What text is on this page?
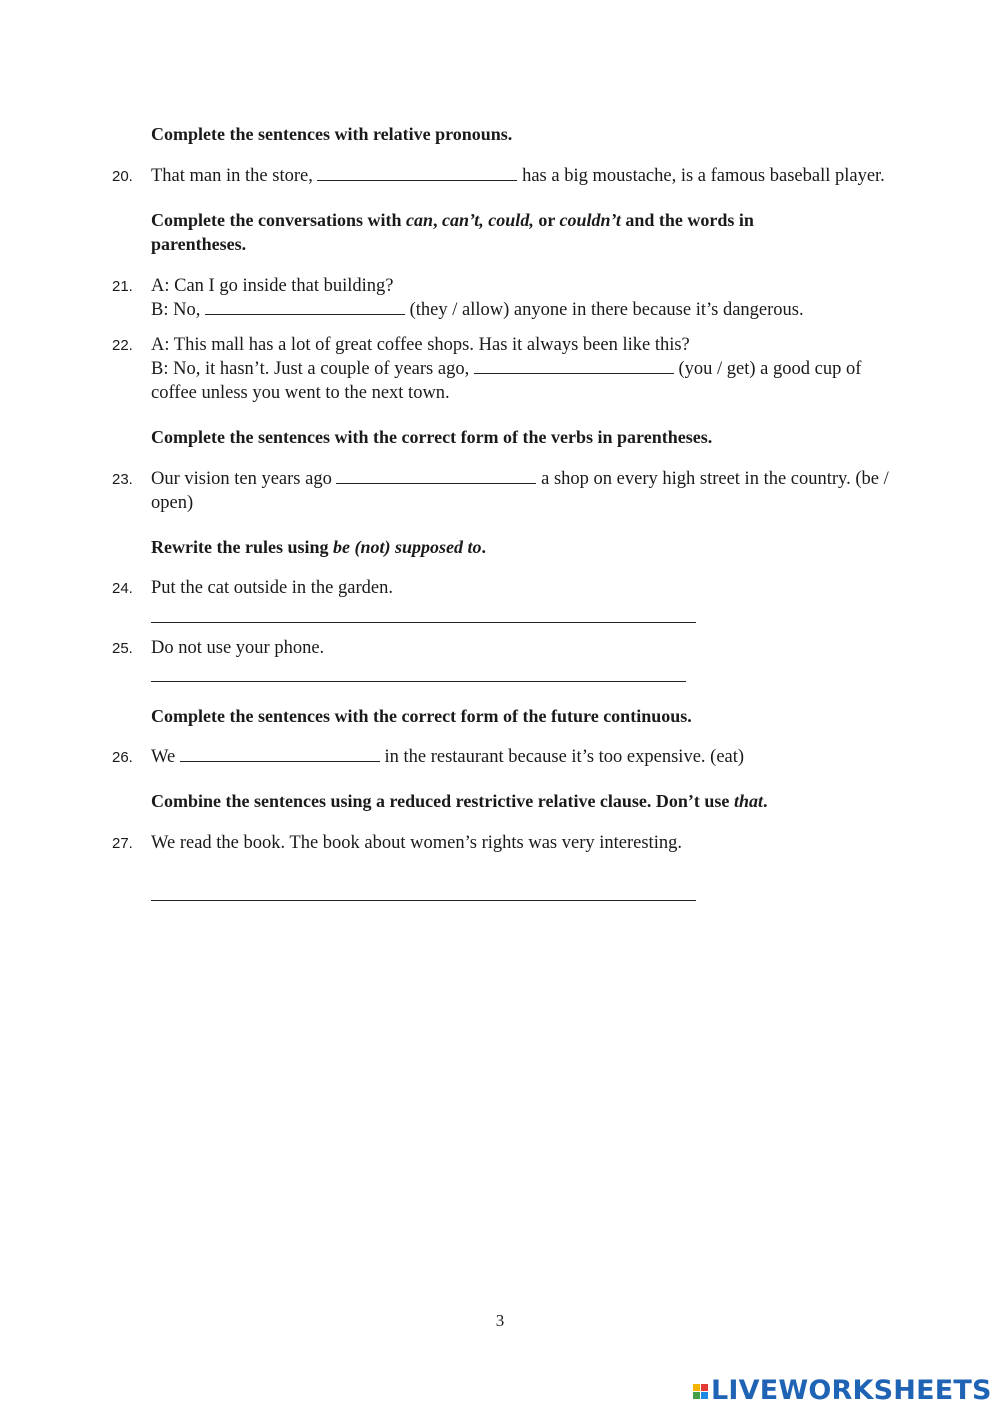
Complete the sentences with relative pronouns.
20. That man in the store,	has a big moustache, is a famous baseball player.
Complete the conversations with can, can’t, could, or couldn’t and the words in parentheses.
21. A: Can I go inside that building?
B: No,	(they / allow) anyone in there because it’s dangerous.
22. A: This mall has a lot of great coffee shops. Has it always been like this?
B: No, it hasn’t. Just a couple of years ago,	(you / get) a good cup of
coffee unless you went to the next town.
Complete the sentences with the correct form of the verbs in parentheses.
23. Our vision ten years ago	a shop on every high street in the country. (be /
open)
Rewrite the rules using be (not) supposed to.
24. Put the cat outside in the garden.
25. Do not use your phone.
Complete the sentences with the correct form of the future continuous.
26. We	in the restaurant because it’s too expensive. (eat)
Combine the sentences using a reduced restrictive relative clause. Don’t use that.
27. We read the book. The book about women’s rights was very interesting.
3
LIVEWORKSHEETS
